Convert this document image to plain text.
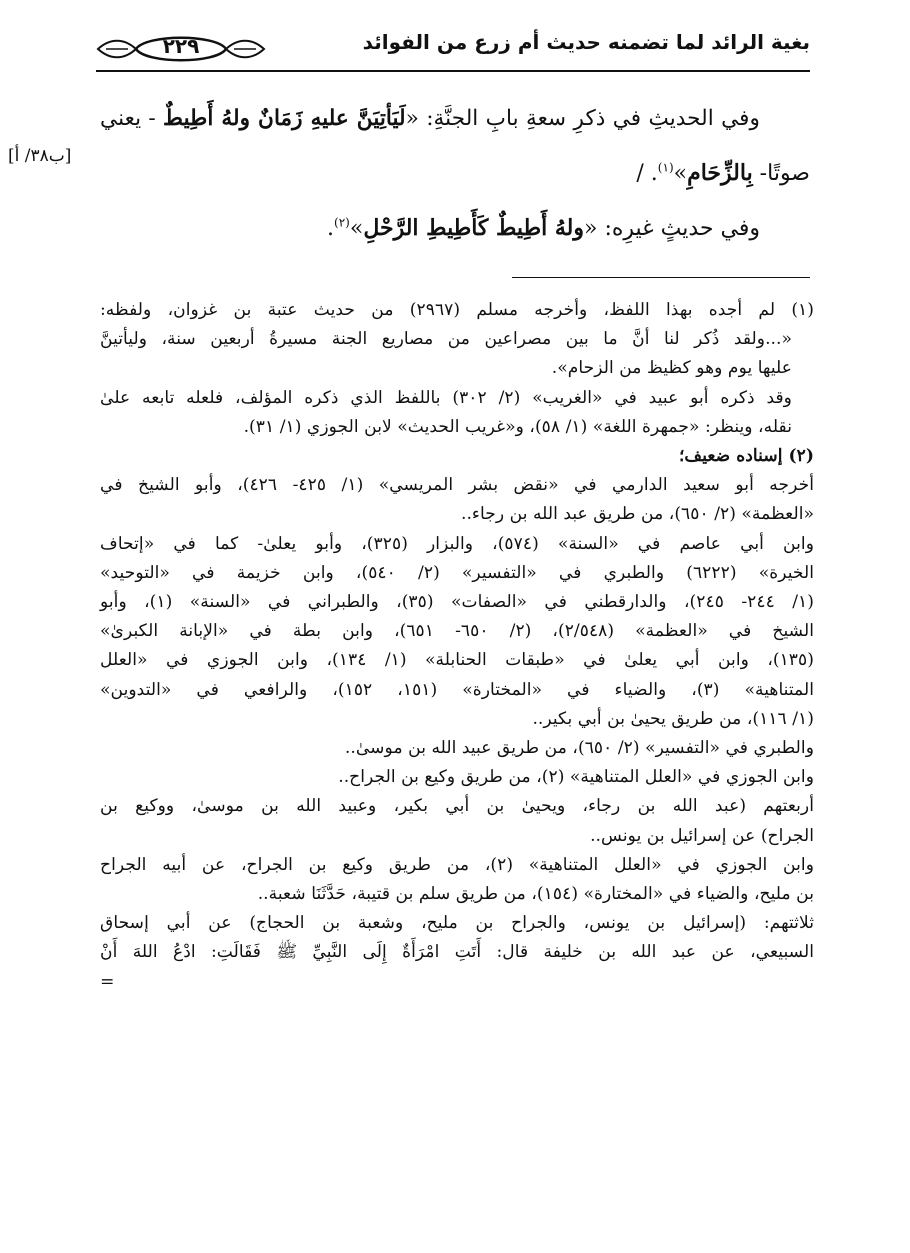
بغية الرائد لما تضمنه حديث أم زرع من الفوائد
٢٢٩
[ب٣٨/ أ]
وفي الحديثِ في ذكرِ سعةِ بابِ الجنَّةِ: «لَيَأتِيَنَّ عليهِ زَمَانٌ ولهُ أَطِيطٌ - يعني
صوتًا- بِالزِّحَامِ»$^{(١)}$. /
وفي حديثٍ غيرِه: «ولهُ أَطِيطٌ كَأَطِيطِ الرَّحْلِ»$^{(٢)}$.
(١) لم أجده بهذا اللفظ، وأخرجه مسلم (٢٩٦٧) من حديث عتبة بن غزوان، ولفظه:
«...ولقد ذُكر لنا أنَّ ما بين مصراعين من مصاريع الجنة مسيرةُ أربعين سنة، وليأتينَّ
عليها يوم وهو كظيظ من الزحام».
وقد ذكره أبو عبيد في «الغريب» (٢/ ٣٠٢) باللفظ الذي ذكره المؤلف، فلعله تابعه علىٰ
نقله، وينظر: «جمهرة اللغة» (١/ ٥٨)، و«غريب الحديث» لابن الجوزي (١/ ٣١).
(٢) إسناده ضعيف؛
أخرجه أبو سعيد الدارمي في «نقض بشر المريسي» (١/ ٤٢٥- ٤٢٦)، وأبو الشيخ في
«العظمة» (٢/ ٦٥٠)، من طريق عبد الله بن رجاء..
وابن أبي عاصم في «السنة» (٥٧٤)، والبزار (٣٢٥)، وأبو يعلىٰ- كما في «إتحاف
الخيرة» (٦٢٢٢) والطبري في «التفسير» (٢/ ٥٤٠)، وابن خزيمة في «التوحيد»
(١/ ٢٤٤- ٢٤٥)، والدارقطني في «الصفات» (٣٥)، والطبراني في «السنة» (١)، وأبو
الشيخ في «العظمة» (٢/٥٤٨)، (٢/ ٦٥٠- ٦٥١)، وابن بطة في «الإبانة الكبرىٰ»
(١٣٥)، وابن أبي يعلىٰ في «طبقات الحنابلة» (١/ ١٣٤)، وابن الجوزي في «العلل
المتناهية» (٣)، والضياء في «المختارة» (١٥١، ١٥٢)، والرافعي في «التدوين»
(١/ ١١٦)، من طريق يحيىٰ بن أبي بكير..
والطبري في «التفسير» (٢/ ٦٥٠)، من طريق عبيد الله بن موسىٰ..
وابن الجوزي في «العلل المتناهية» (٢)، من طريق وكيع بن الجراح..
أربعتهم (عبد الله بن رجاء، ويحيىٰ بن أبي بكير، وعبيد الله بن موسىٰ، ووكيع بن
الجراح) عن إسرائيل بن يونس..
وابن الجوزي في «العلل المتناهية» (٢)، من طريق وكيع بن الجراح، عن أبيه الجراح
بن مليح، والضياء في «المختارة» (١٥٤)، من طريق سلم بن قتيبة، حَدَّثَنَا شعبة..
ثلاثتهم: (إسرائيل بن يونس، والجراح بن مليح، وشعبة بن الحجاج) عن أبي إسحاق
السبيعي، عن عبد الله بن خليفة قال: أَتَتِ امْرَأَةٌ إِلَى النَّبِيِّ ﷺ فَقَالَتِ: ادْعُ اللهَ أَنْ
=
